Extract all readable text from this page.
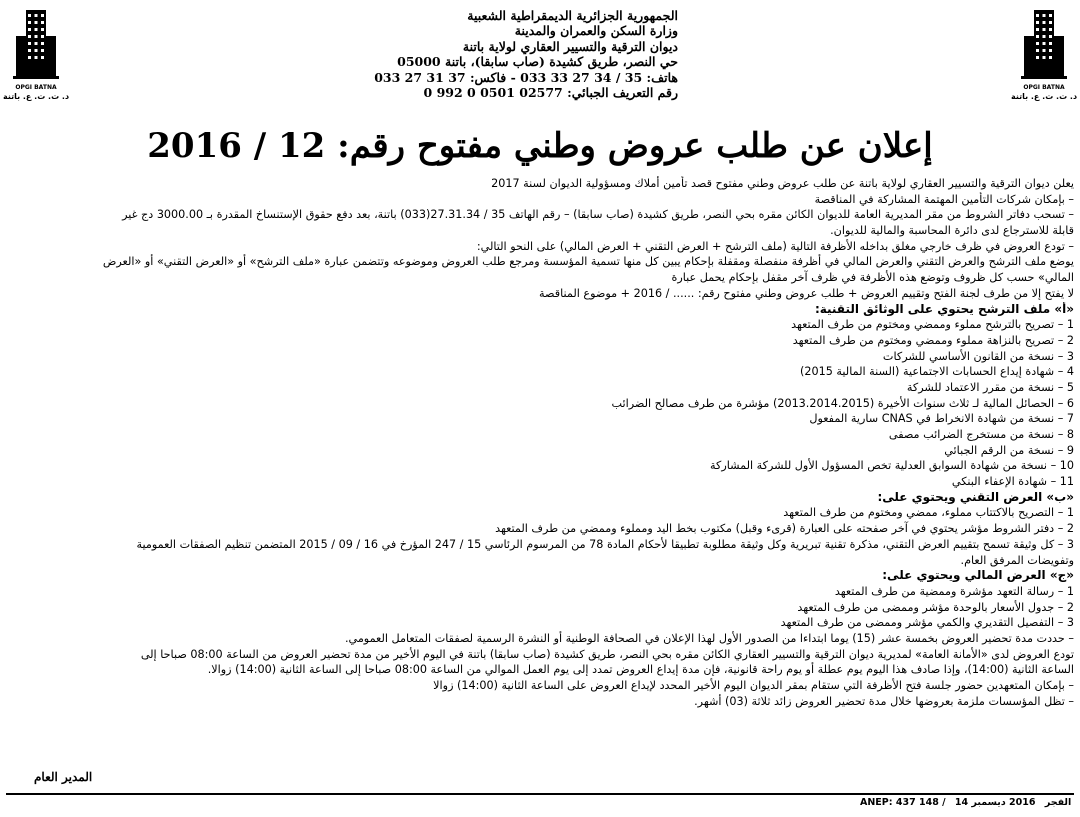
OPGI BATNA
د. ت. ت. ع. باتنة
OPGI BATNA
د. ت. ت. ع. باتنة
الجمهورية الجزائرية الديمقراطية الشعبية
وزارة السكن والعمران والمدينة
ديوان الترقية والتسيير العقاري لولاية باتنة
حي النصر، طريق كشيدة (صاب سابقا)، باتنة 05000
هاتف: 35 / 34 27 33 033 - فاكس: 37 31 27 033
رقم التعريف الجبائي: 02577 0501 0 992 0
إعلان عن طلب عروض وطني مفتوح رقم: 12 / 2016
يعلن ديوان الترقية والتسيير العقاري لولاية باتنة عن طلب عروض وطني مفتوح قصد تأمين أملاك ومسؤولية الديوان لسنة 2017
– بإمكان شركات التأمين المهتمة المشاركة في المناقصة
– تسحب دفاتر الشروط من مقر المديرية العامة للديوان الكائن مقره بحي النصر، طريق كشيدة (صاب سابقا) – رقم الهاتف 35 / 27.31.34(033) باتنة، بعد دفع حقوق الإستنساخ المقدرة بـ 3000.00 دج غير
قابلة للاسترجاع لدى دائرة المحاسبة والمالية للديوان.
– تودع العروض في ظرف خارجي مغلق بداخله الأظرفة التالية (ملف الترشح + العرض التقني + العرض المالي) على النحو التالي:
يوضع ملف الترشح والعرض التقني والعرض المالي في أظرفة منفصلة ومقفلة بإحكام يبين كل منها تسمية المؤسسة ومرجع طلب العروض وموضوعه وتتضمن عبارة «ملف الترشح» أو «العرض التقني» أو «العرض
المالي» حسب كل ظروف وتوضع هذه الأظرفة في ظرف آخر مقفل بإحكام يحمل عبارة
لا يفتح إلا من طرف لجنة الفتح وتقييم العروض + طلب عروض وطني مفتوح رقم: ...... / 2016 + موضوع المناقصة
«أ» ملف الترشح يحتوي على الوثائق التقنية:
1 – تصريح بالترشح مملوء وممضي ومختوم من طرف المتعهد
2 – تصريح بالنزاهة مملوء وممضي ومختوم من طرف المتعهد
3 – نسخة من القانون الأساسي للشركات
4 – شهادة إيداع الحسابات الاجتماعية (السنة المالية 2015)
5 – نسخة من مقرر الاعتماد للشركة
6 – الحصائل المالية لـ ثلاث سنوات الأخيرة (2013.2014.2015) مؤشرة من طرف مصالح الضرائب
7 – نسخة من شهادة الانخراط في CNAS سارية المفعول
8 – نسخة من مستخرج الضرائب مصفى
9 – نسخة من الرقم الجبائي
10 – نسخة من شهادة السوابق العدلية تخص المسؤول الأول للشركة المشاركة
11 – شهادة الإعفاء البنكي
«ب» العرض التقني ويحتوي على:
1 – التصريح بالاكتتاب مملوء، ممضي ومختوم من طرف المتعهد
2 – دفتر الشروط مؤشر يحتوي في آخر صفحته على العبارة (قرىء وقبل) مكتوب بخط اليد ومملوء وممضي من طرف المتعهد
3 – كل وثيقة تسمح بتقييم العرض التقني، مذكرة تقنية تبريرية وكل وثيقة مطلوبة تطبيقا لأحكام المادة 78 من المرسوم الرئاسي 15 / 247 المؤرخ في 16 / 09 / 2015 المتضمن تنظيم الصفقات العمومية
وتفويضات المرفق العام.
«ج» العرض المالي ويحتوي على:
1 – رسالة التعهد مؤشرة وممضية من طرف المتعهد
2 – جدول الأسعار بالوحدة مؤشر وممضى من طرف المتعهد
3 – التفصيل التقديري والكمي مؤشر وممضى من طرف المتعهد
– حددت مدة تحضير العروض بخمسة عشر (15) يوما ابتداءا من الصدور الأول لهذا الإعلان في الصحافة الوطنية أو النشرة الرسمية لصفقات المتعامل العمومي.
تودع العروض لدى «الأمانة العامة» لمديرية ديوان الترقية والتسيير العقاري الكائن مقره بحي النصر، طريق كشيدة (صاب سابقا) باتنة في اليوم الأخير من مدة تحضير العروض من الساعة 08:00 صباحا إلى
الساعة الثانية (14:00)، وإذا صادف هذا اليوم يوم عطلة أو يوم راحة قانونية، فإن مدة إيداع العروض تمدد إلى يوم العمل الموالي من الساعة 08:00 صباحا إلى الساعة الثانية (14:00) زوالا.
– بإمكان المتعهدين حضور جلسة فتح الأظرفة التي ستقام بمقر الديوان اليوم الأخير المحدد لإيداع العروض على الساعة الثانية (14:00) زوالا
– تظل المؤسسات ملزمة بعروضها خلال مدة تحضير العروض زائد ثلاثة (03) أشهر.
المدير العام
ANEP: 437 148 / 2016 ديسمبر 14 الفجر
